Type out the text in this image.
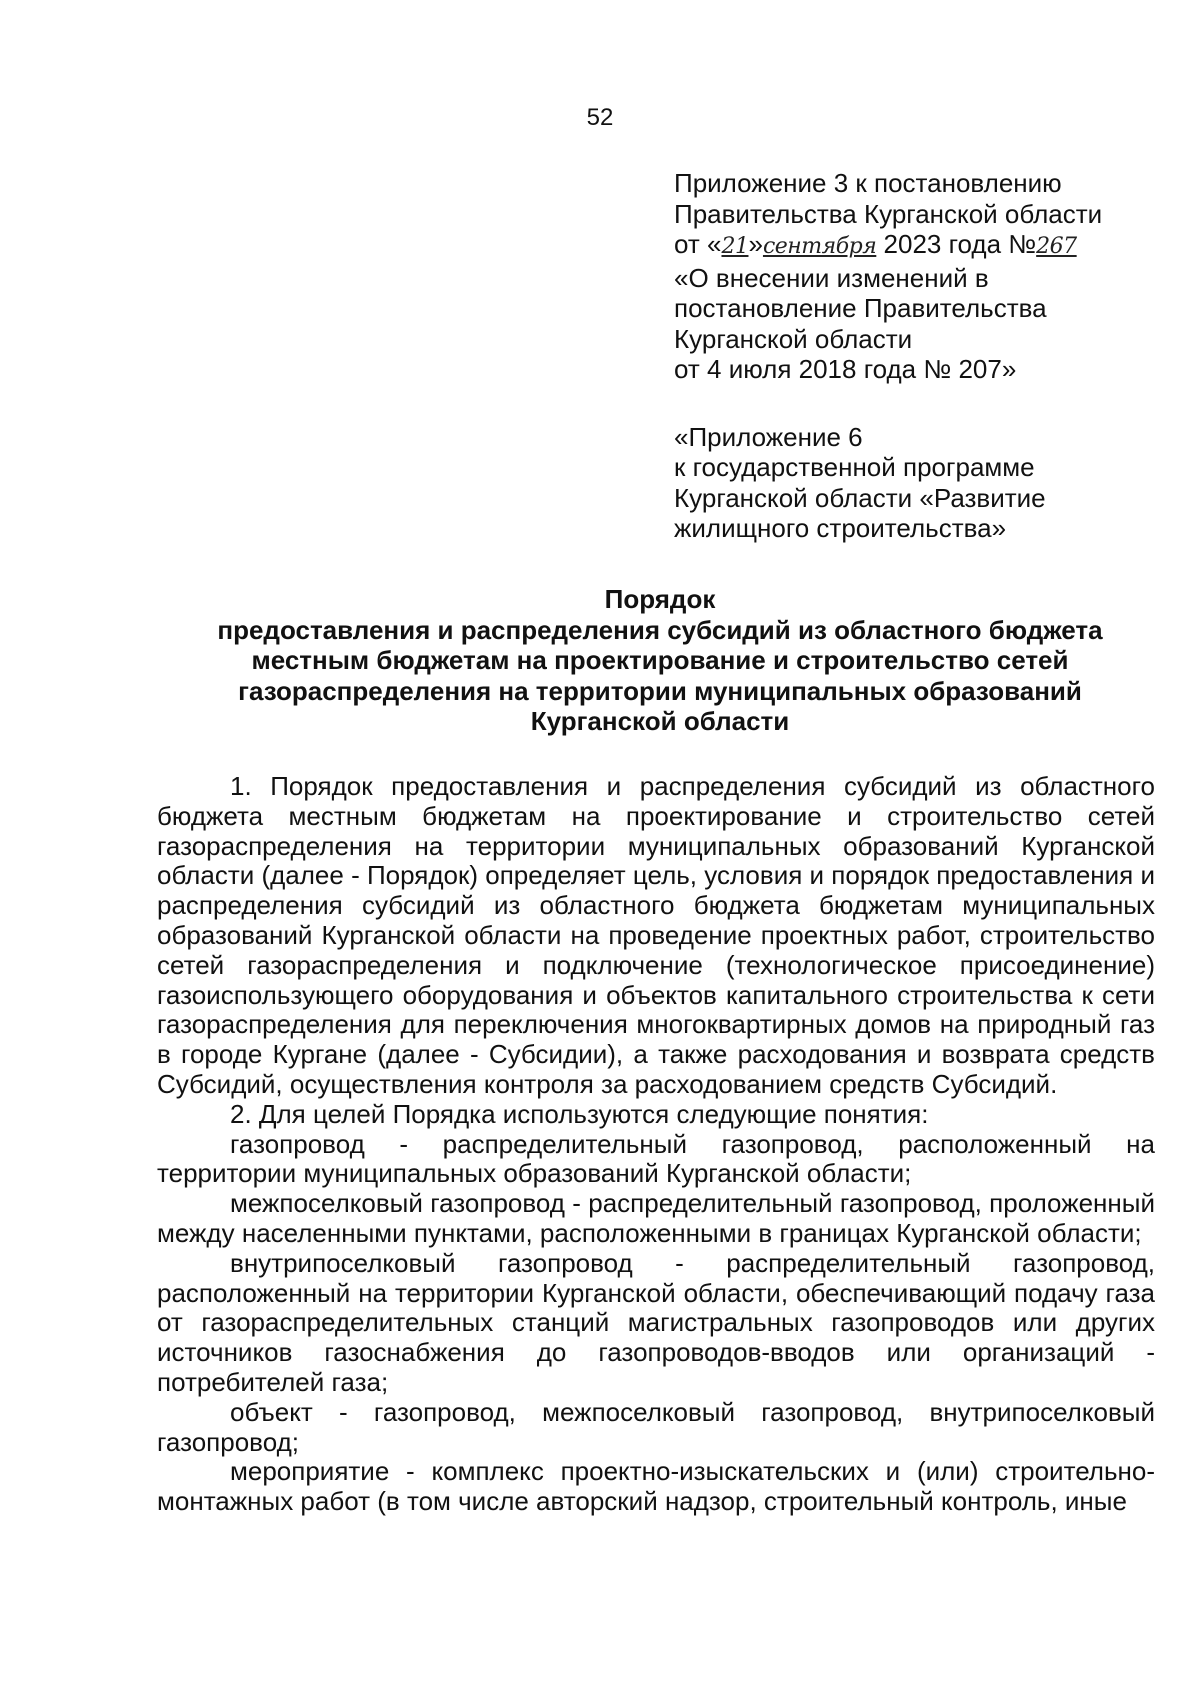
52
Приложение 3 к постановлению
Правительства Курганской области
от «21»сентября 2023 года №267
«О внесении изменений в
постановление Правительства
Курганской области
от 4 июля 2018 года № 207»
«Приложение 6
к государственной программе
Курганской области «Развитие
жилищного строительства»
Порядок
предоставления и распределения субсидий из областного бюджета
местным бюджетам на проектирование и строительство сетей
газораспределения на территории муниципальных образований
Курганской области

1. Порядок предоставления и распределения субсидий из областного бюджета местным бюджетам на проектирование и строительство сетей газораспределения на территории муниципальных образований Курганской области (далее - Порядок) определяет цель, условия и порядок предоставления и распределения субсидий из областного бюджета бюджетам муниципальных образований Курганской области на проведение проектных работ, строительство сетей газораспределения и подключение (технологическое присоединение) газоиспользующего оборудования и объектов капитального строительства к сети газораспределения для переключения многоквартирных домов на природный газ в городе Кургане (далее - Субсидии), а также расходования и возврата средств Субсидий, осуществления контроля за расходованием средств Субсидий.

2. Для целей Порядка используются следующие понятия:

газопровод - распределительный газопровод, расположенный на территории муниципальных образований Курганской области;

межпоселковый газопровод - распределительный газопровод, проложенный между населенными пунктами, расположенными в границах Курганской области;

внутрипоселковый газопровод - распределительный газопровод, расположенный на территории Курганской области, обеспечивающий подачу газа от газораспределительных станций магистральных газопроводов или других источников газоснабжения до газопроводов-вводов или организаций - потребителей газа;

объект - газопровод, межпоселковый газопровод, внутрипоселковый газопровод;

мероприятие - комплекс проектно-изыскательских и (или) строительно-монтажных работ (в том числе авторский надзор, строительный контроль, иные
